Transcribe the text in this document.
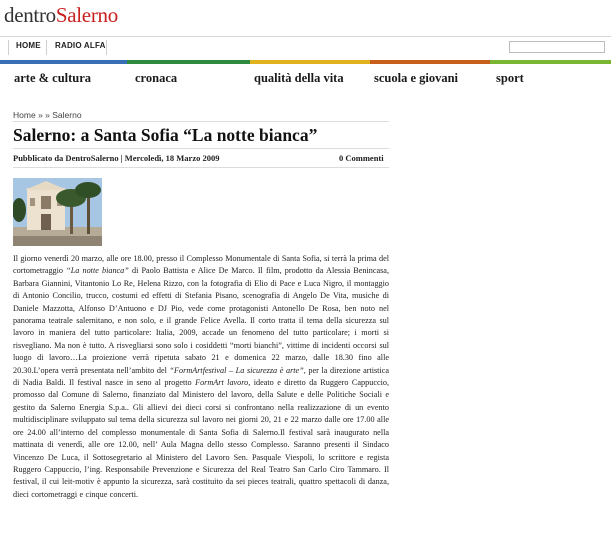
dentroSalerno
HOME RADIO ALFA
arte & cultura	cronaca	qualità della vita scuola e giovani	sport
Home » » Salerno
Salerno: a Santa Sofia “La notte bianca”
Pubblicato da DentroSalerno | Mercoledì, 18 Marzo 2009	0 Commenti

Il giorno venerdì 20 marzo, alle ore 18.00, presso il Complesso Monumentale di Santa Sofia, si terrà la prima del cortometraggio “La notte bianca” di Paolo Battista e Alice De Marco. Il film, prodotto da Alessia Benincasa, Barbara Giannini, Vitantonio Lo Re, Helena Rizzo, con la fotografia di Elio di Pace e Luca Nigro, il montaggio di Antonio Concilio, trucco, costumi ed effetti di Stefania Pisano, scenografia di Angelo De Vita, musiche di Daniele Mazzotta, Alfonso D’Antuono e DJ Pio, vede come protagonisti Antonello De Rosa, ben noto nel panorama teatrale salernitano, e non solo, e il grande Felice Avella. Il corto tratta il tema della sicurezza sul lavoro in maniera del tutto particolare: Italia, 2009, accade un fenomeno del tutto particolare; i morti si risvegliano. Ma non è tutto. A risvegliarsi sono solo i cosiddetti “morti bianchi”, vittime di incidenti occorsi sul luogo di lavoro…La proiezione verrà ripetuta sabato 21 e domenica 22 marzo, dalle 18.30 fino alle 20.30.L’opera verrà presentata nell’ambito del “FormArtfestival – La sicurezza è arte”, per la direzione artistica di Nadia Baldi. Il festival nasce in seno al progetto FormArt lavoro, ideato e diretto da Ruggero Cappuccio, promosso dal Comune di Salerno, finanziato dal Ministero del lavoro, della Salute e delle Politiche Sociali e gestito da Salerno Energia S.p.a.. Gli allievi dei dieci corsi si confrontano nella realizzazione di un evento multidisciplinare sviluppato sul tema della sicurezza sul lavoro nei giorni 20, 21 e 22 marzo dalle ore 17.00 alle ore 24.00 all’interno del complesso monumentale di Santa Sofia di Salerno.Il festival sarà inaugurato nella mattinata di venerdì, alle ore 12.00, nell’ Aula Magna dello stesso Complesso. Saranno presenti il Sindaco Vincenzo De Luca, il Sottosegretario al Ministero del Lavoro Sen. Pasquale Viespoli, lo scrittore e regista Ruggero Cappuccio, l’ing. Responsabile Prevenzione e Sicurezza del Real Teatro San Carlo Ciro Tammaro. Il festival, il cui leit-motiv è appunto la sicurezza, sarà costituito da sei pieces teatrali, quattro spettacoli di danza, dieci cortometraggi e cinque concerti.
